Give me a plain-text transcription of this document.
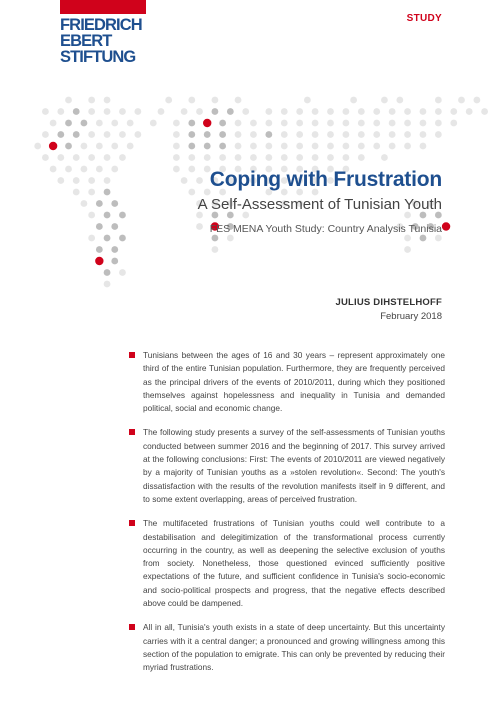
FRIEDRICH
EBERT
STIFTUNG
STUDY
Coping with Frustration
A Self-Assessment of Tunisian Youth
FES MENA Youth Study: Country Analysis Tunisia
JULIUS DIHSTELHOFF
February 2018
Tunisians between the ages of 16 and 30 years – represent approximately one third of the entire Tunisian population. Furthermore, they are frequently perceived as the principal drivers of the events of 2010/2011, during which they positioned themselves against hopelessness and inequality in Tunisia and demanded political, social and economic change.
The following study presents a survey of the self-assessments of Tunisian youths conducted between summer 2016 and the beginning of 2017. This survey arrived at the following conclusions: First: The events of 2010/2011 are viewed negatively by a majority of Tunisian youths as a »stolen revolution«. Second: The youth's dissatisfaction with the results of the revolution manifests itself in 9 different, and to some extent overlapping, areas of perceived frustration.
The multifaceted frustrations of Tunisian youths could well contribute to a destabilisation and delegitimization of the transformational process currently occurring in the country, as well as deepening the selective exclusion of youths from society. Nonetheless, those questioned evinced sufficiently positive expectations of the future, and sufficient confidence in Tunisia's socio-economic and socio-political prospects and progress, that the negative effects described above could be dampened.
All in all, Tunisia's youth exists in a state of deep uncertainty. But this uncertainty carries with it a central danger; a pronounced and growing willingness among this section of the population to emigrate. This can only be prevented by reducing their myriad frustrations.
